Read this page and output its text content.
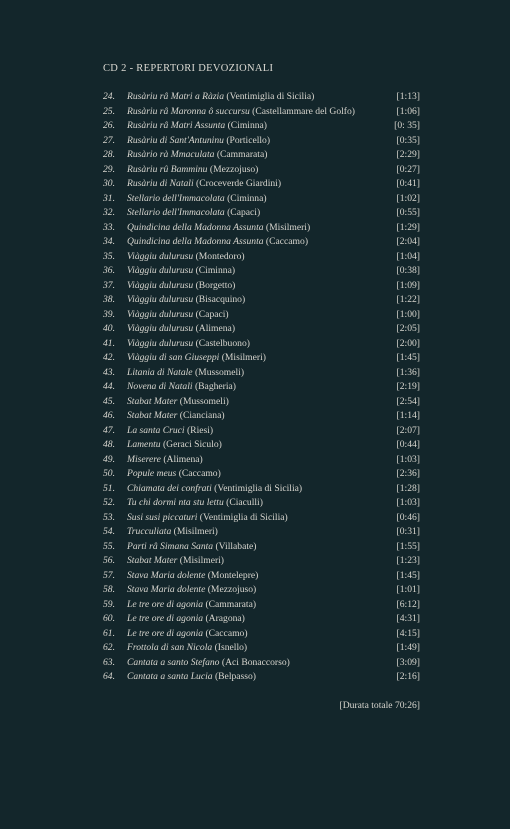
CD 2 - REPERTORI DEVOZIONALI
24. Rusàriu râ Matri a Ràzia (Ventimiglia di Sicilia)	[1:13]
25. Rusàriu râ Maronna ô succursu (Castellammare del Golfo)	[1:06]
26. Rusàriu râ Matri Assunta (Ciminna)	[0: 35]
27. Rusàriu di Sant'Antuninu (Porticello)	[0:35]
28. Rusàrio rà Mmaculata (Cammarata)	[2:29]
29. Rusàriu rû Bamminu (Mezzojuso)	[0:27]
30. Rusàriu di Natali (Croceverde Giardini)	[0:41]
31. Stellario dell'Immacolata (Ciminna)	[1:02]
32. Stellario dell'Immacolata (Capaci)	[0:55]
33. Quindicina della Madonna Assunta (Misilmeri)	[1:29]
34. Quindicina della Madonna Assunta (Caccamo)	[2:04]
35. Viàggiu dulurusu (Montedoro)	[1:04]
36. Viàggiu dulurusu (Ciminna)	[0:38]
37. Viàggiu dulurusu (Borgetto)	[1:09]
38. Viàggiu dulurusu (Bisacquino)	[1:22]
39. Viàggiu dulurusu (Capaci)	[1:00]
40. Viàggiu dulurusu (Alimena)	[2:05]
41. Viàggiu dulurusu (Castelbuono)	[2:00]
42. Viàggiu di san Giuseppi (Misilmeri)	[1:45]
43. Litania di Natale (Mussomeli)	[1:36]
44. Novena di Natali (Bagheria)	[2:19]
45. Stabat Mater (Mussomeli)	[2:54]
46. Stabat Mater (Cianciana)	[1:14]
47. La santa Cruci (Riesi)	[2:07]
48. Lamentu (Geraci Siculo)	[0:44]
49. Miserere (Alimena)	[1:03]
50. Popule meus (Caccamo)	[2:36]
51. Chiamata dei confrati (Ventimiglia di Sicilia)	[1:28]
52. Tu chi dormi nta stu lettu (Ciaculli)	[1:03]
53. Susi susi piccaturi (Ventimiglia di Sicilia)	[0:46]
54. Trucculiata (Misilmeri)	[0:31]
55. Parti râ Simana Santa (Villabate)	[1:55]
56. Stabat Mater (Misilmeri)	[1:23]
57. Stava Maria dolente (Montelepre)	[1:45]
58. Stava Maria dolente (Mezzojuso)	[1:01]
59. Le tre ore di agonia (Cammarata)	[6:12]
60. Le tre ore di agonia (Aragona)	[4:31]
61. Le tre ore di agonia (Caccamo)	[4:15]
62. Frottola di san Nicola (Isnello)	[1:49]
63. Cantata a santo Stefano (Aci Bonaccorso)	[3:09]
64. Cantata a santa Lucia (Belpasso)	[2:16]
[Durata totale 70:26]
